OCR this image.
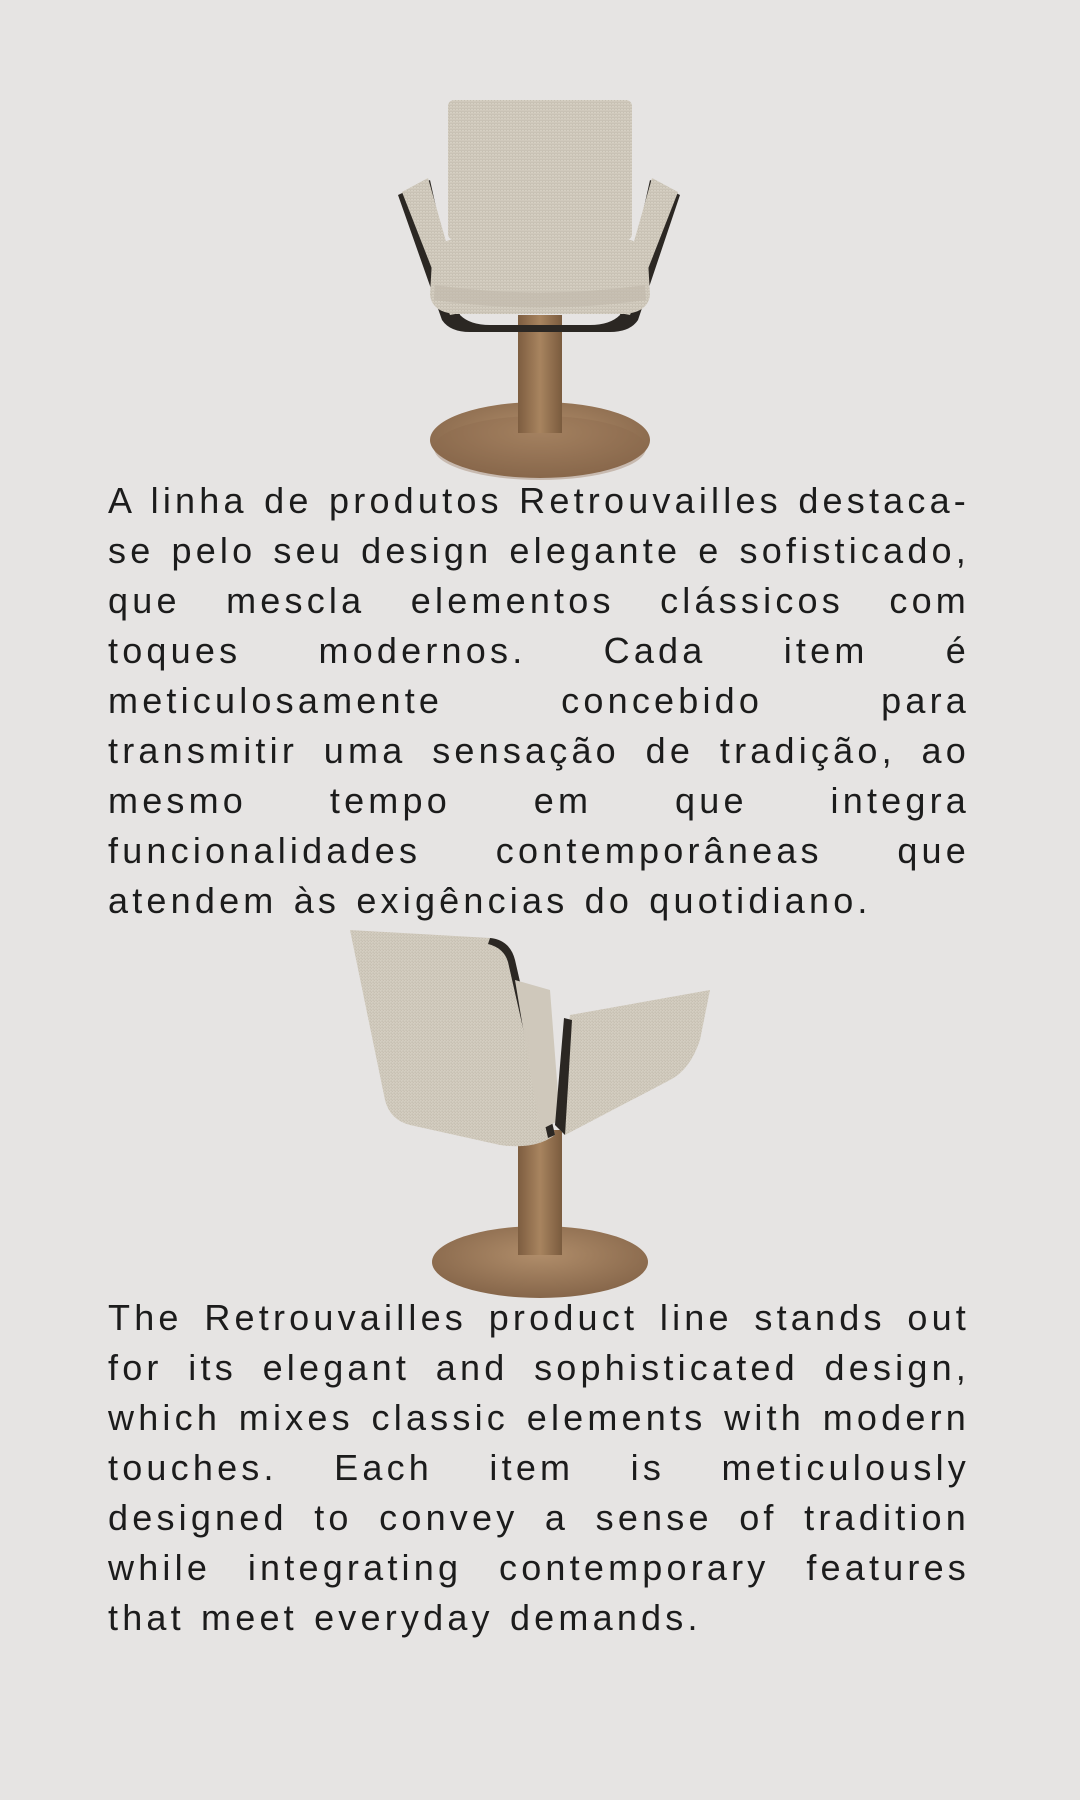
A linha de produtos Retrouvailles destaca-se pelo seu design elegante e sofisticado, que mescla elementos clássicos com toques modernos. Cada item é meticulosamente concebido para transmitir uma sensação de tradição, ao mesmo tempo em que integra funcionalidades contemporâneas que atendem às exigências do quotidiano.

The Retrouvailles product line stands out for its elegant and sophisticated design, which mixes classic elements with modern touches. Each item is meticulously designed to convey a sense of tradition while integrating contemporary features that meet everyday demands.
